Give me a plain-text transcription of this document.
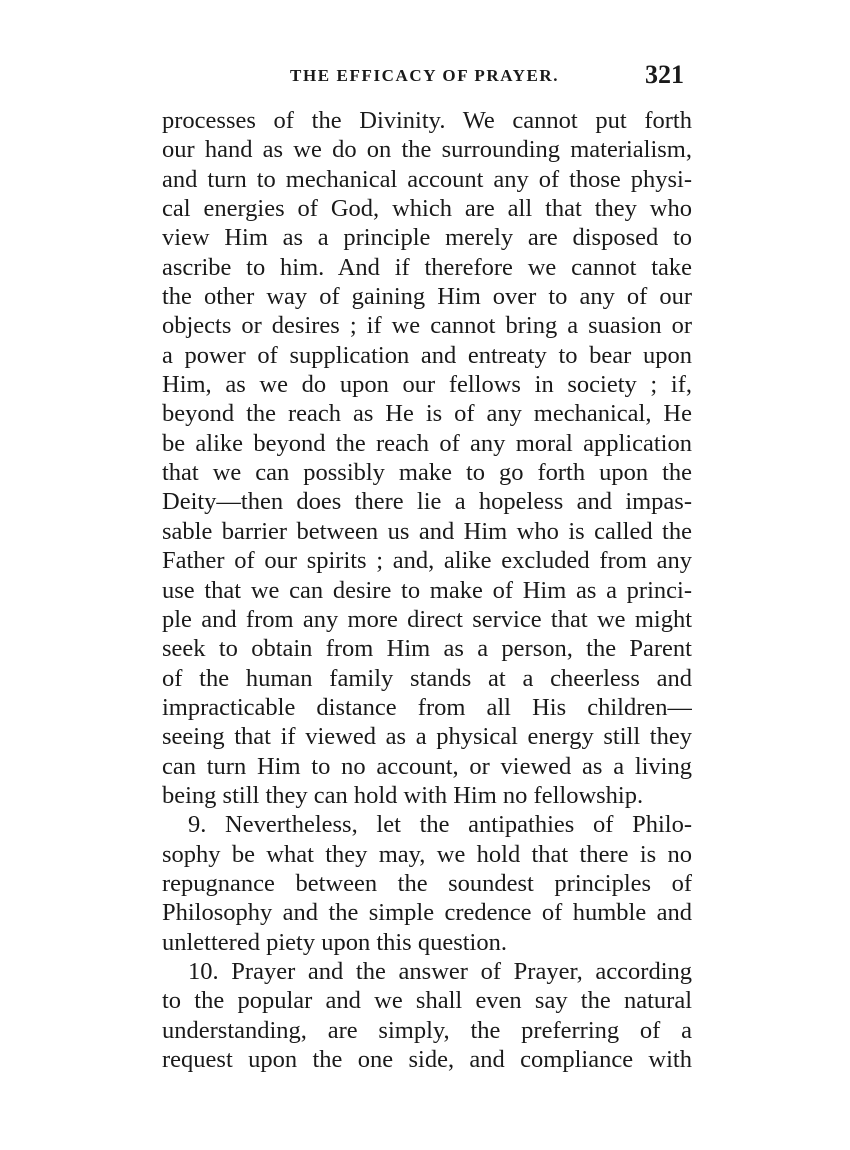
THE EFFICACY OF PRAYER.	321
processes of the Divinity. We cannot put forth
our hand as we do on the surrounding materialism,
and turn to mechanical account any of those physi-
cal energies of God, which are all that they who
view Him as a principle merely are disposed to
ascribe to him. And if therefore we cannot take
the other way of gaining Him over to any of our
objects or desires ; if we cannot bring a suasion or
a power of supplication and entreaty to bear upon
Him, as we do upon our fellows in society ; if,
beyond the reach as He is of any mechanical, He
be alike beyond the reach of any moral application
that we can possibly make to go forth upon the
Deity—then does there lie a hopeless and impas-
sable barrier between us and Him who is called the
Father of our spirits ; and, alike excluded from any
use that we can desire to make of Him as a princi-
ple and from any more direct service that we might
seek to obtain from Him as a person, the Parent
of the human family stands at a cheerless and
impracticable distance from all His children—
seeing that if viewed as a physical energy still they
can turn Him to no account, or viewed as a living
being still they can hold with Him no fellowship.
9. Nevertheless, let the antipathies of Philo-
sophy be what they may, we hold that there is no
repugnance between the soundest principles of
Philosophy and the simple credence of humble and
unlettered piety upon this question.
10. Prayer and the answer of Prayer, according
to the popular and we shall even say the natural
understanding, are simply, the preferring of a
request upon the one side, and compliance with
